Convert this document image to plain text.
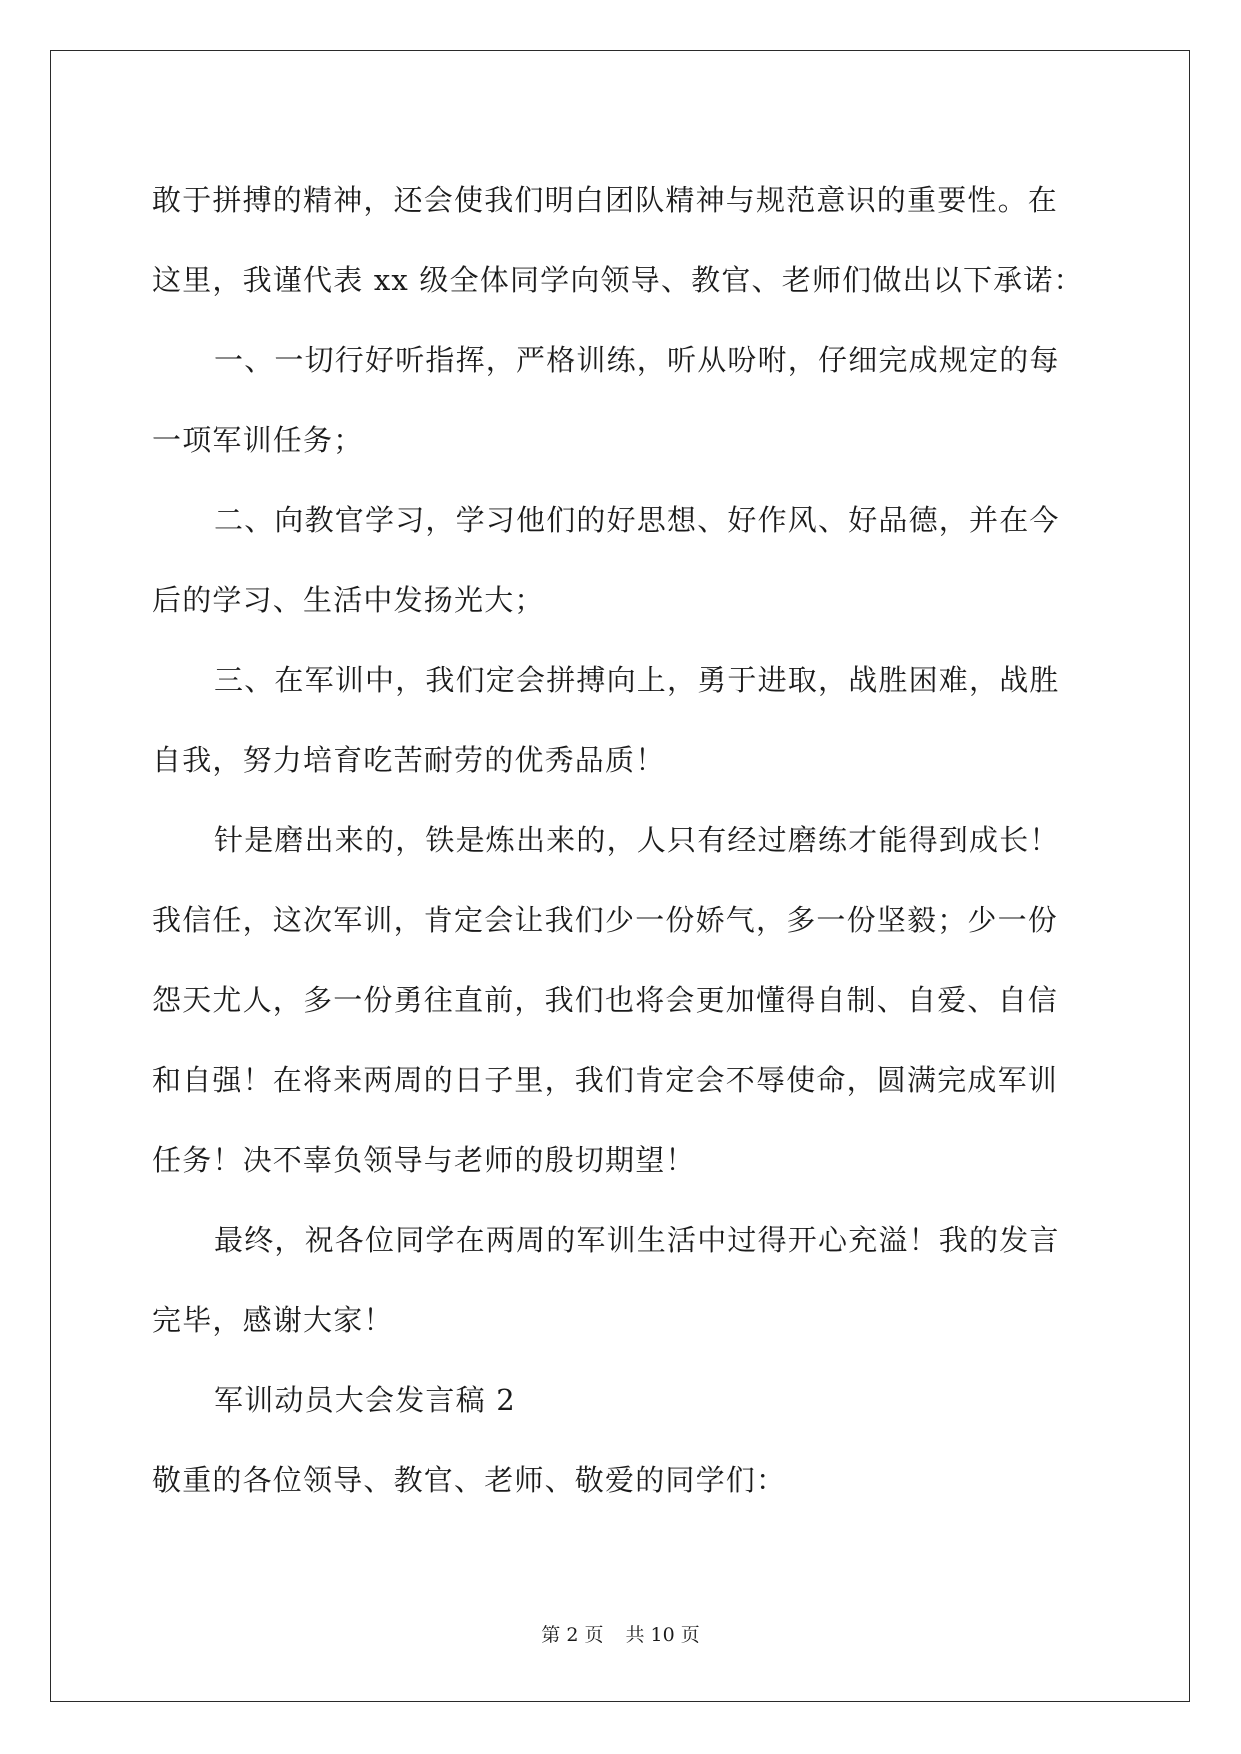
敢于拼搏的精神，还会使我们明白团队精神与规范意识的重要性。在
这里，我谨代表 xx 级全体同学向领导、教官、老师们做出以下承诺：
一、一切行好听指挥，严格训练，听从吩咐，仔细完成规定的每
一项军训任务；
二、向教官学习，学习他们的好思想、好作风、好品德，并在今
后的学习、生活中发扬光大；
三、在军训中，我们定会拼搏向上，勇于进取，战胜困难，战胜
自我，努力培育吃苦耐劳的优秀品质！
针是磨出来的，铁是炼出来的，人只有经过磨练才能得到成长！
我信任，这次军训，肯定会让我们少一份娇气，多一份坚毅；少一份
怨天尤人，多一份勇往直前，我们也将会更加懂得自制、自爱、自信
和自强！在将来两周的日子里，我们肯定会不辱使命，圆满完成军训
任务！决不辜负领导与老师的殷切期望！
最终，祝各位同学在两周的军训生活中过得开心充溢！我的发言
完毕，感谢大家！
军训动员大会发言稿 2
敬重的各位领导、教官、老师、敬爱的同学们：
第 2 页 共 10 页
